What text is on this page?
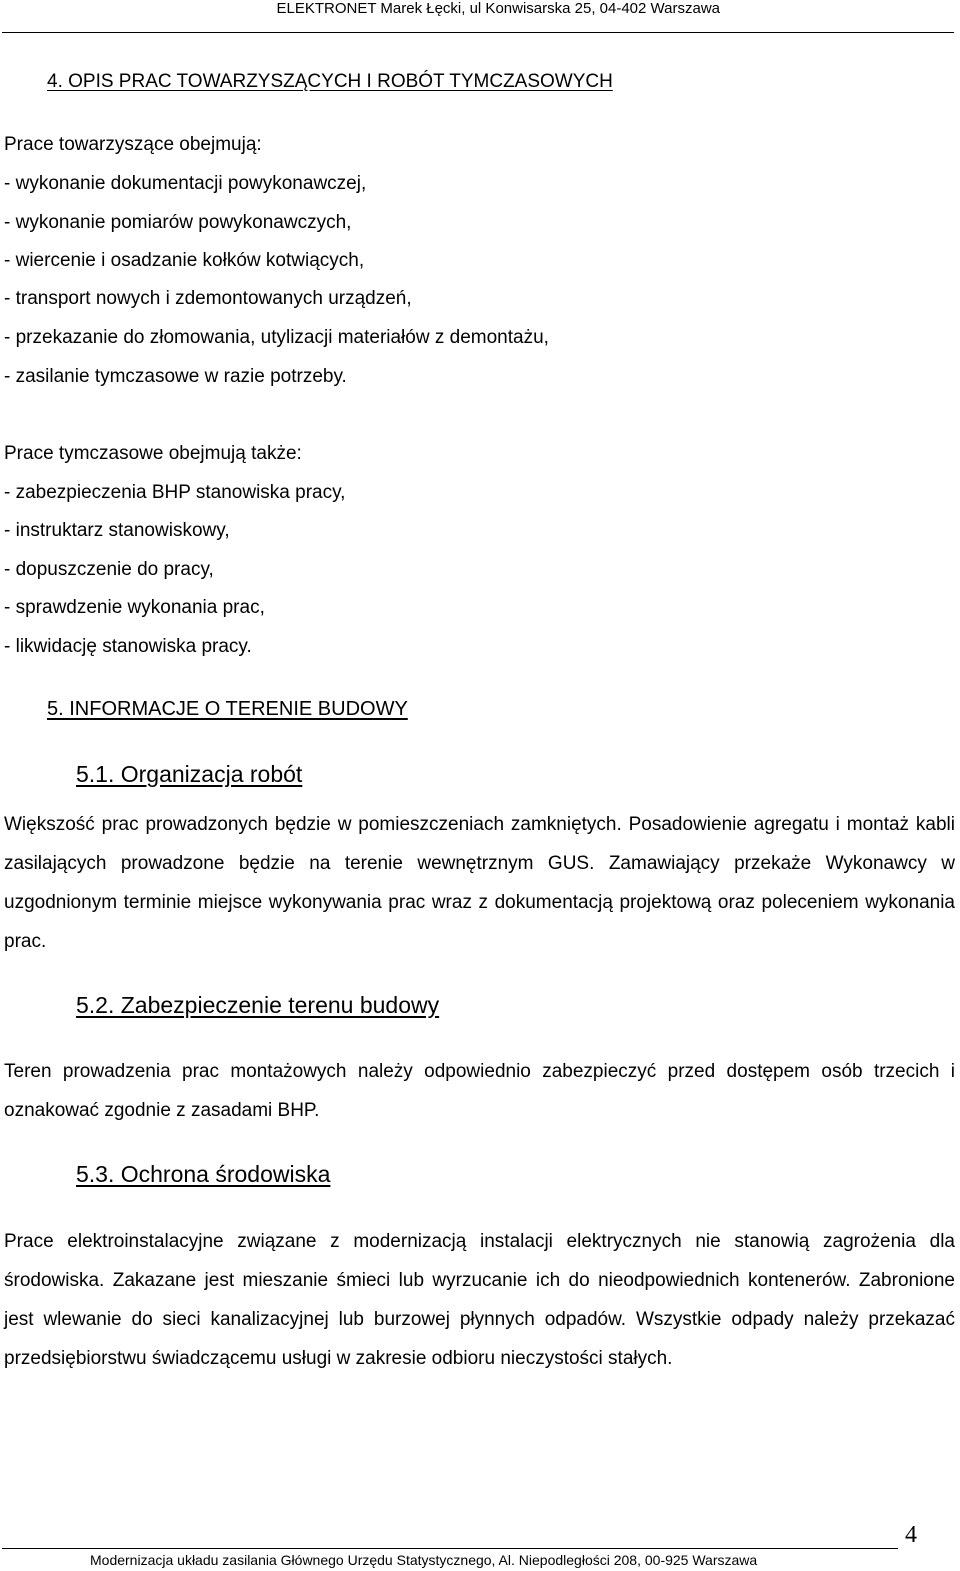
ELEKTRONET Marek Łęcki, ul Konwisarska 25, 04-402 Warszawa
4. OPIS PRAC TOWARZYSZĄCYCH I ROBÓT TYMCZASOWYCH
Prace towarzyszące obejmują:
- wykonanie dokumentacji powykonawczej,
- wykonanie pomiarów powykonawczych,
- wiercenie i osadzanie kołków kotwiących,
- transport nowych i zdemontowanych urządzeń,
- przekazanie do złomowania, utylizacji materiałów z demontażu,
- zasilanie tymczasowe w razie potrzeby.
Prace tymczasowe obejmują także:
- zabezpieczenia BHP stanowiska pracy,
- instruktarz stanowiskowy,
- dopuszczenie do pracy,
- sprawdzenie wykonania prac,
- likwidację stanowiska pracy.
5. INFORMACJE O TERENIE BUDOWY
5.1. Organizacja robót
Większość prac prowadzonych będzie w pomieszczeniach zamkniętych. Posadowienie agregatu i montaż kabli zasilających prowadzone będzie na terenie wewnętrznym GUS. Zamawiający przekaże Wykonawcy w uzgodnionym terminie miejsce wykonywania prac wraz z dokumentacją projektową oraz poleceniem wykonania prac.
5.2. Zabezpieczenie terenu budowy
Teren prowadzenia prac montażowych należy odpowiednio zabezpieczyć przed dostępem osób trzecich i oznakować zgodnie z zasadami BHP.
5.3. Ochrona środowiska
Prace elektroinstalacyjne związane z modernizacją instalacji elektrycznych nie stanowią zagrożenia dla środowiska. Zakazane jest mieszanie śmieci lub wyrzucanie ich do nieodpowiednich kontenerów. Zabronione jest wlewanie do sieci kanalizacyjnej lub burzowej płynnych odpadów. Wszystkie odpady należy przekazać przedsiębiorstwu świadczącemu usługi w zakresie odbioru nieczystości stałych.
4
Modernizacja układu zasilania Głównego Urzędu Statystycznego, Al. Niepodległości 208, 00-925 Warszawa
